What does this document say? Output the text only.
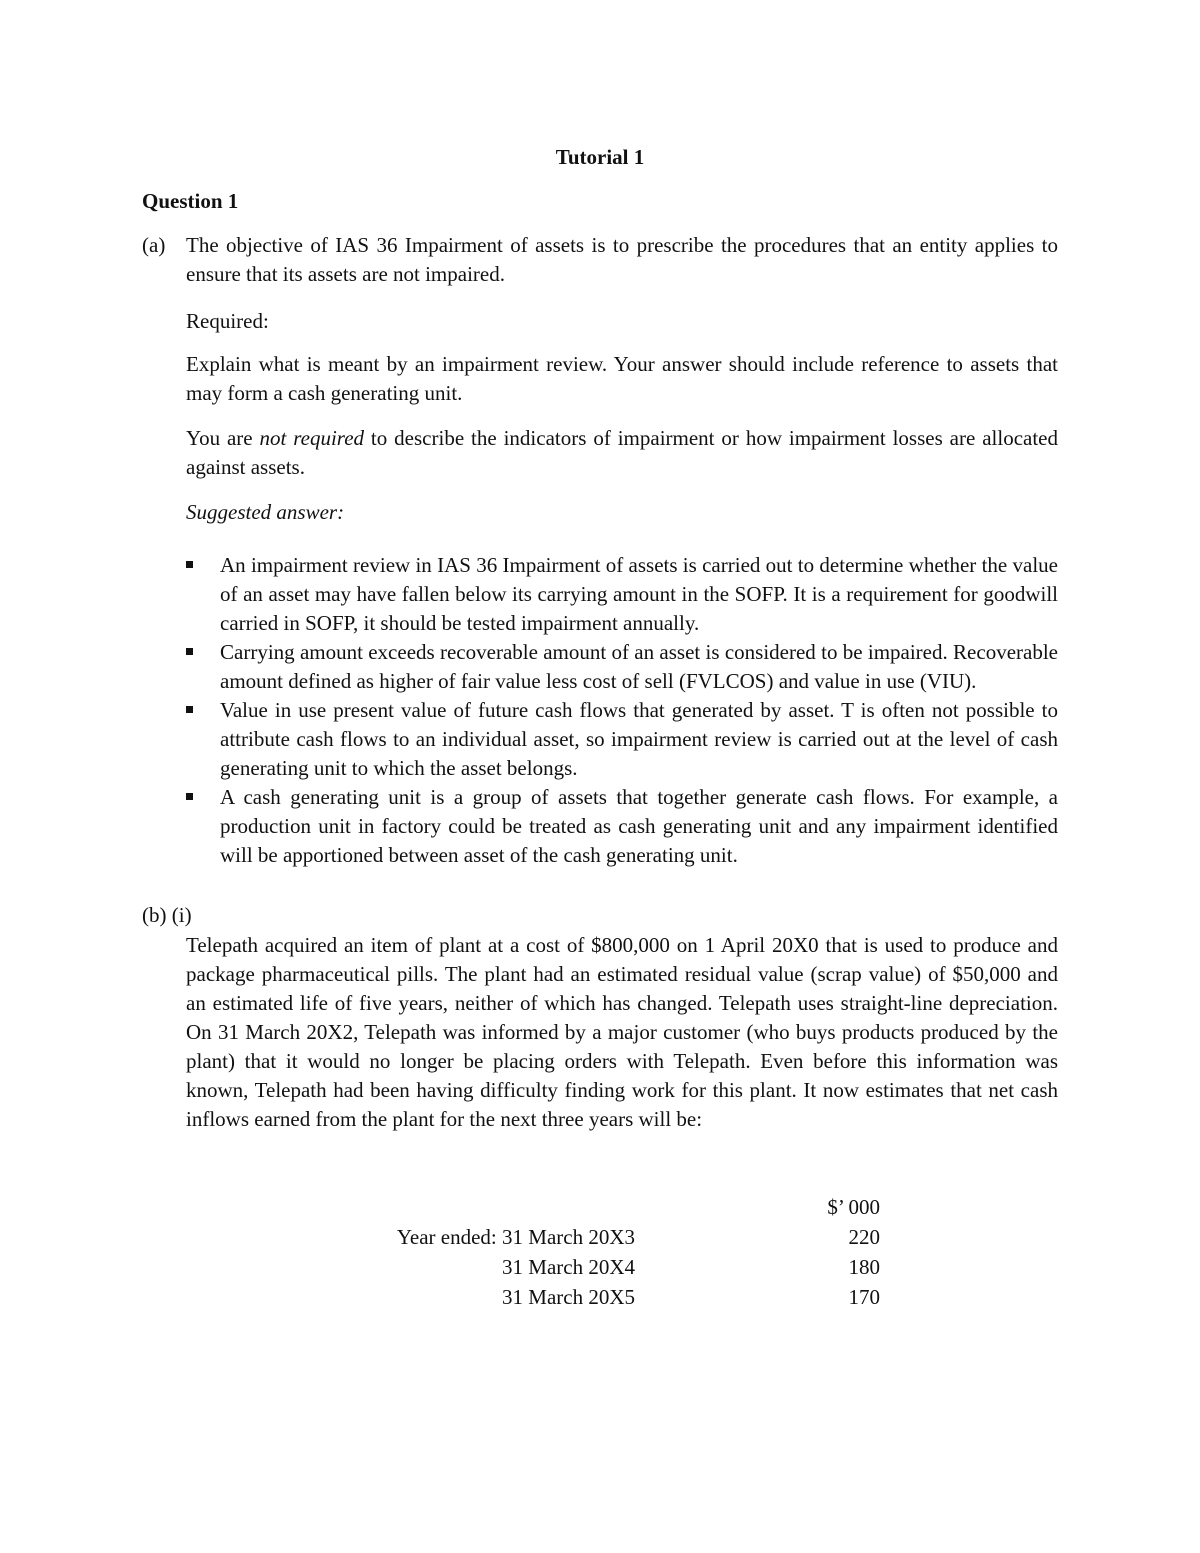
Tutorial 1
Question 1
(a) The objective of IAS 36 Impairment of assets is to prescribe the procedures that an entity applies to ensure that its assets are not impaired.
Required:
Explain what is meant by an impairment review. Your answer should include reference to assets that may form a cash generating unit.
You are not required to describe the indicators of impairment or how impairment losses are allocated against assets.
Suggested answer:

An impairment review in IAS 36 Impairment of assets is carried out to determine whether the value of an asset may have fallen below its carrying amount in the SOFP. It is a requirement for goodwill carried in SOFP, it should be tested impairment annually.

Carrying amount exceeds recoverable amount of an asset is considered to be impaired. Recoverable amount defined as higher of fair value less cost of sell (FVLCOS) and value in use (VIU).

Value in use present value of future cash flows that generated by asset. T is often not possible to attribute cash flows to an individual asset, so impairment review is carried out at the level of cash generating unit to which the asset belongs.

A cash generating unit is a group of assets that together generate cash flows. For example, a production unit in factory could be treated as cash generating unit and any impairment identified will be apportioned between asset of the cash generating unit.

(b) (i)
Telepath acquired an item of plant at a cost of $800,000 on 1 April 20X0 that is used to produce and package pharmaceutical pills. The plant had an estimated residual value (scrap value) of $50,000 and an estimated life of five years, neither of which has changed. Telepath uses straight-line depreciation. On 31 March 20X2, Telepath was informed by a major customer (who buys products produced by the plant) that it would no longer be placing orders with Telepath. Even before this information was known, Telepath had been having difficulty finding work for this plant. It now estimates that net cash inflows earned from the plant for the next three years will be:
$’ 000
Year ended: 31 March 20X3	220
31 March 20X4	180
31 March 20X5	170
